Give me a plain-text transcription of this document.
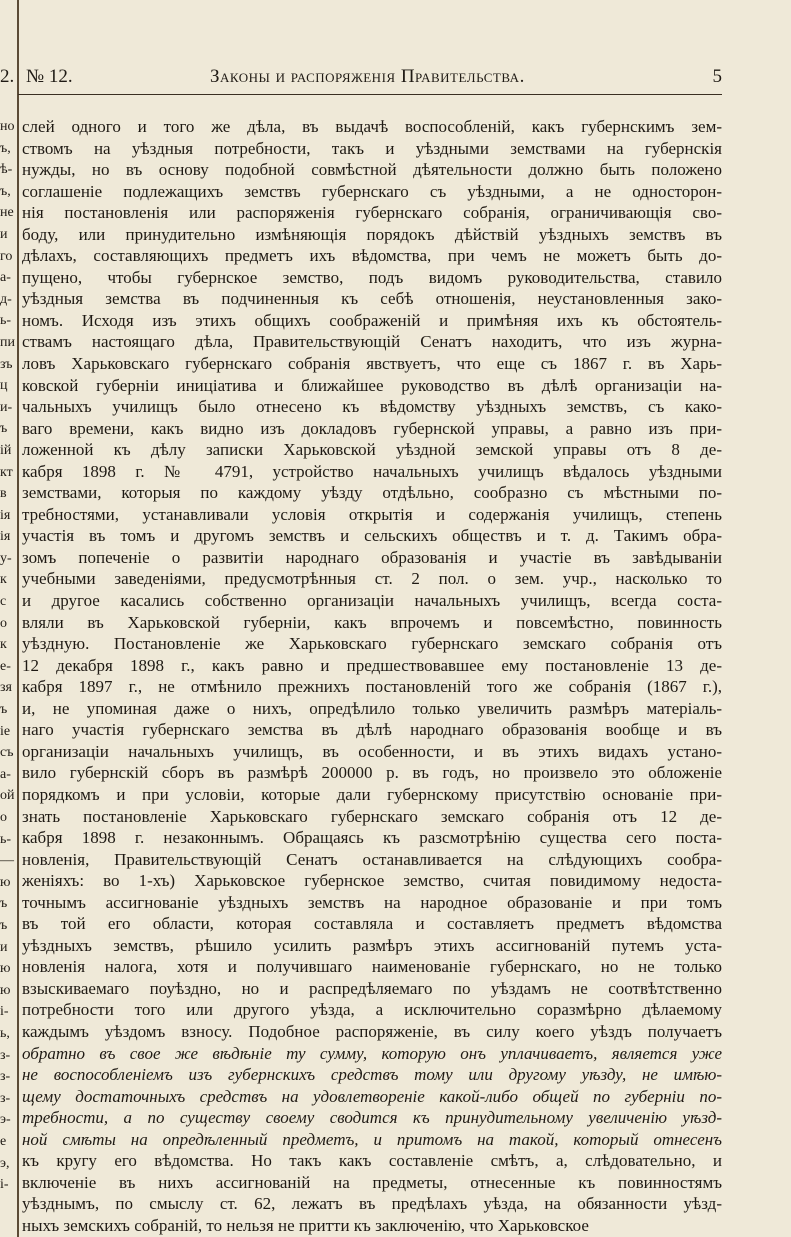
но
ъ,
ѣ-
ъ,
не
и
го
а-
д-
ь-
пи
зъ
ц
и-
ъ
ій
кт
в
ія
ія
у-
к
с
о
к
е-
зя
ъ
іе
съ
а-
ой
о
ь-
—
ю
ъ
ъ
и
ю
ю
і-
ь,
з-
з-
з-
э-
е
э,
і-
2. № 12.	Законы и распоряженія Правительства.	5
слей одного и того же дѣла, въ выдачѣ воспособленій, какъ губернскимъ зем-
ствомъ на уѣздныя потребности, такъ и уѣздными земствами на губернскія
нужды, но въ основу подобной совмѣстной дѣятельности должно быть положено
соглашеніе подлежащихъ земствъ губернскаго съ уѣздными, а не односторон-
нія постановленія или распоряженія губернскаго собранія, ограничивающія сво-
боду, или принудительно измѣняющія порядокъ дѣйствій уѣздныхъ земствъ въ
дѣлахъ, составляющихъ предметъ ихъ вѣдомства, при чемъ не можетъ быть до-
пущено, чтобы губернское земство, подъ видомъ руководительства, ставило
уѣздныя земства въ подчиненныя къ себѣ отношенія, неустановленныя зако-
номъ. Исходя изъ этихъ общихъ соображеній и примѣняя ихъ къ обстоятель-
ствамъ настоящаго дѣла, Правительствующій Сенатъ находитъ, что изъ журна-
ловъ Харьковскаго губернскаго собранія явствуетъ, что еще съ 1867 г. въ Харь-
ковской губерніи иниціатива и ближайшее руководство въ дѣлѣ организаціи на-
чальныхъ училищъ было отнесено къ вѣдомству уѣздныхъ земствъ, съ како-
ваго времени, какъ видно изъ докладовъ губернской управы, а равно изъ при-
ложенной къ дѣлу записки Харьковской уѣздной земской управы отъ 8 де-
кабря 1898 г. № 4791, устройство начальныхъ училищъ вѣдалось уѣздными
земствами, которыя по каждому уѣзду отдѣльно, сообразно съ мѣстными по-
требностями, устанавливали условія открытія и содержанія училищъ, степень
участія въ томъ и другомъ земствъ и сельскихъ обществъ и т. д. Такимъ обра-
зомъ попеченіе о развитіи народнаго образованія и участіе въ завѣдываніи
учебными заведеніями, предусмотрѣнныя ст. 2 пол. о зем. учр., насколько то
и другое касались собственно организаціи начальныхъ училищъ, всегда соста-
вляли въ Харьковской губерніи, какъ впрочемъ и повсемѣстно, повинность
уѣздную. Постановленіе же Харьковскаго губернскаго земскаго собранія отъ
12 декабря 1898 г., какъ равно и предшествовавшее ему постановленіе 13 де-
кабря 1897 г., не отмѣнило прежнихъ постановленій того же собранія (1867 г.),
и, не упоминая даже о нихъ, опредѣлило только увеличить размѣръ матеріаль-
наго участія губернскаго земства въ дѣлѣ народнаго образованія вообще и въ
организаціи начальныхъ училищъ, въ особенности, и въ этихъ видахъ устано-
вило губернскій сборъ въ размѣрѣ 200000 р. въ годъ, но произвело это обложеніе
порядкомъ и при условіи, которые дали губернскому присутствію основаніе при-
знать постановленіе Харьковскаго губернскаго земскаго собранія отъ 12 де-
кабря 1898 г. незаконнымъ. Обращаясь къ разсмотрѣнію существа сего поста-
новленія, Правительствующій Сенатъ останавливается на слѣдующихъ сообра-
женіяхъ: во 1-хъ) Харьковское губернское земство, считая повидимому недоста-
точнымъ ассигнованіе уѣздныхъ земствъ на народное образованіе и при томъ
въ той его области, которая составляла и составляетъ предметъ вѣдомства
уѣздныхъ земствъ, рѣшило усилить размѣръ этихъ ассигнованій путемъ уста-
новленія налога, хотя и получившаго наименованіе губернскаго, но не только
взыскиваемаго поуѣздно, но и распредѣляемаго по уѣздамъ не соотвѣтственно
потребности того или другого уѣзда, а исключительно соразмѣрно дѣлаемому
каждымъ уѣздомъ взносу. Подобное распоряженіе, въ силу коего уѣздъ получаетъ
обратно въ свое же вѣдѣніе ту сумму, которую онъ уплачиваетъ, является уже
не воспособленіемъ изъ губернскихъ средствъ тому или другому уѣзду, не имѣю-
щему достаточныхъ средствъ на удовлетвореніе какой-либо общей по губерніи по-
требности, а по существу своему сводится къ принудительному увеличенію уѣзд-
ной смѣты на опредѣленный предметъ, и притомъ на такой, который отнесенъ
къ кругу его вѣдомства. Но такъ какъ составленіе смѣтъ, а, слѣдовательно, и
включеніе въ нихъ ассигнованій на предметы, отнесенные къ повинностямъ
уѣзднымъ, по смыслу ст. 62, лежатъ въ предѣлахъ уѣзда, на обязанности уѣзд-
ныхъ земскихъ собраній, то нельзя не притти къ заключенію, что Харьковское
